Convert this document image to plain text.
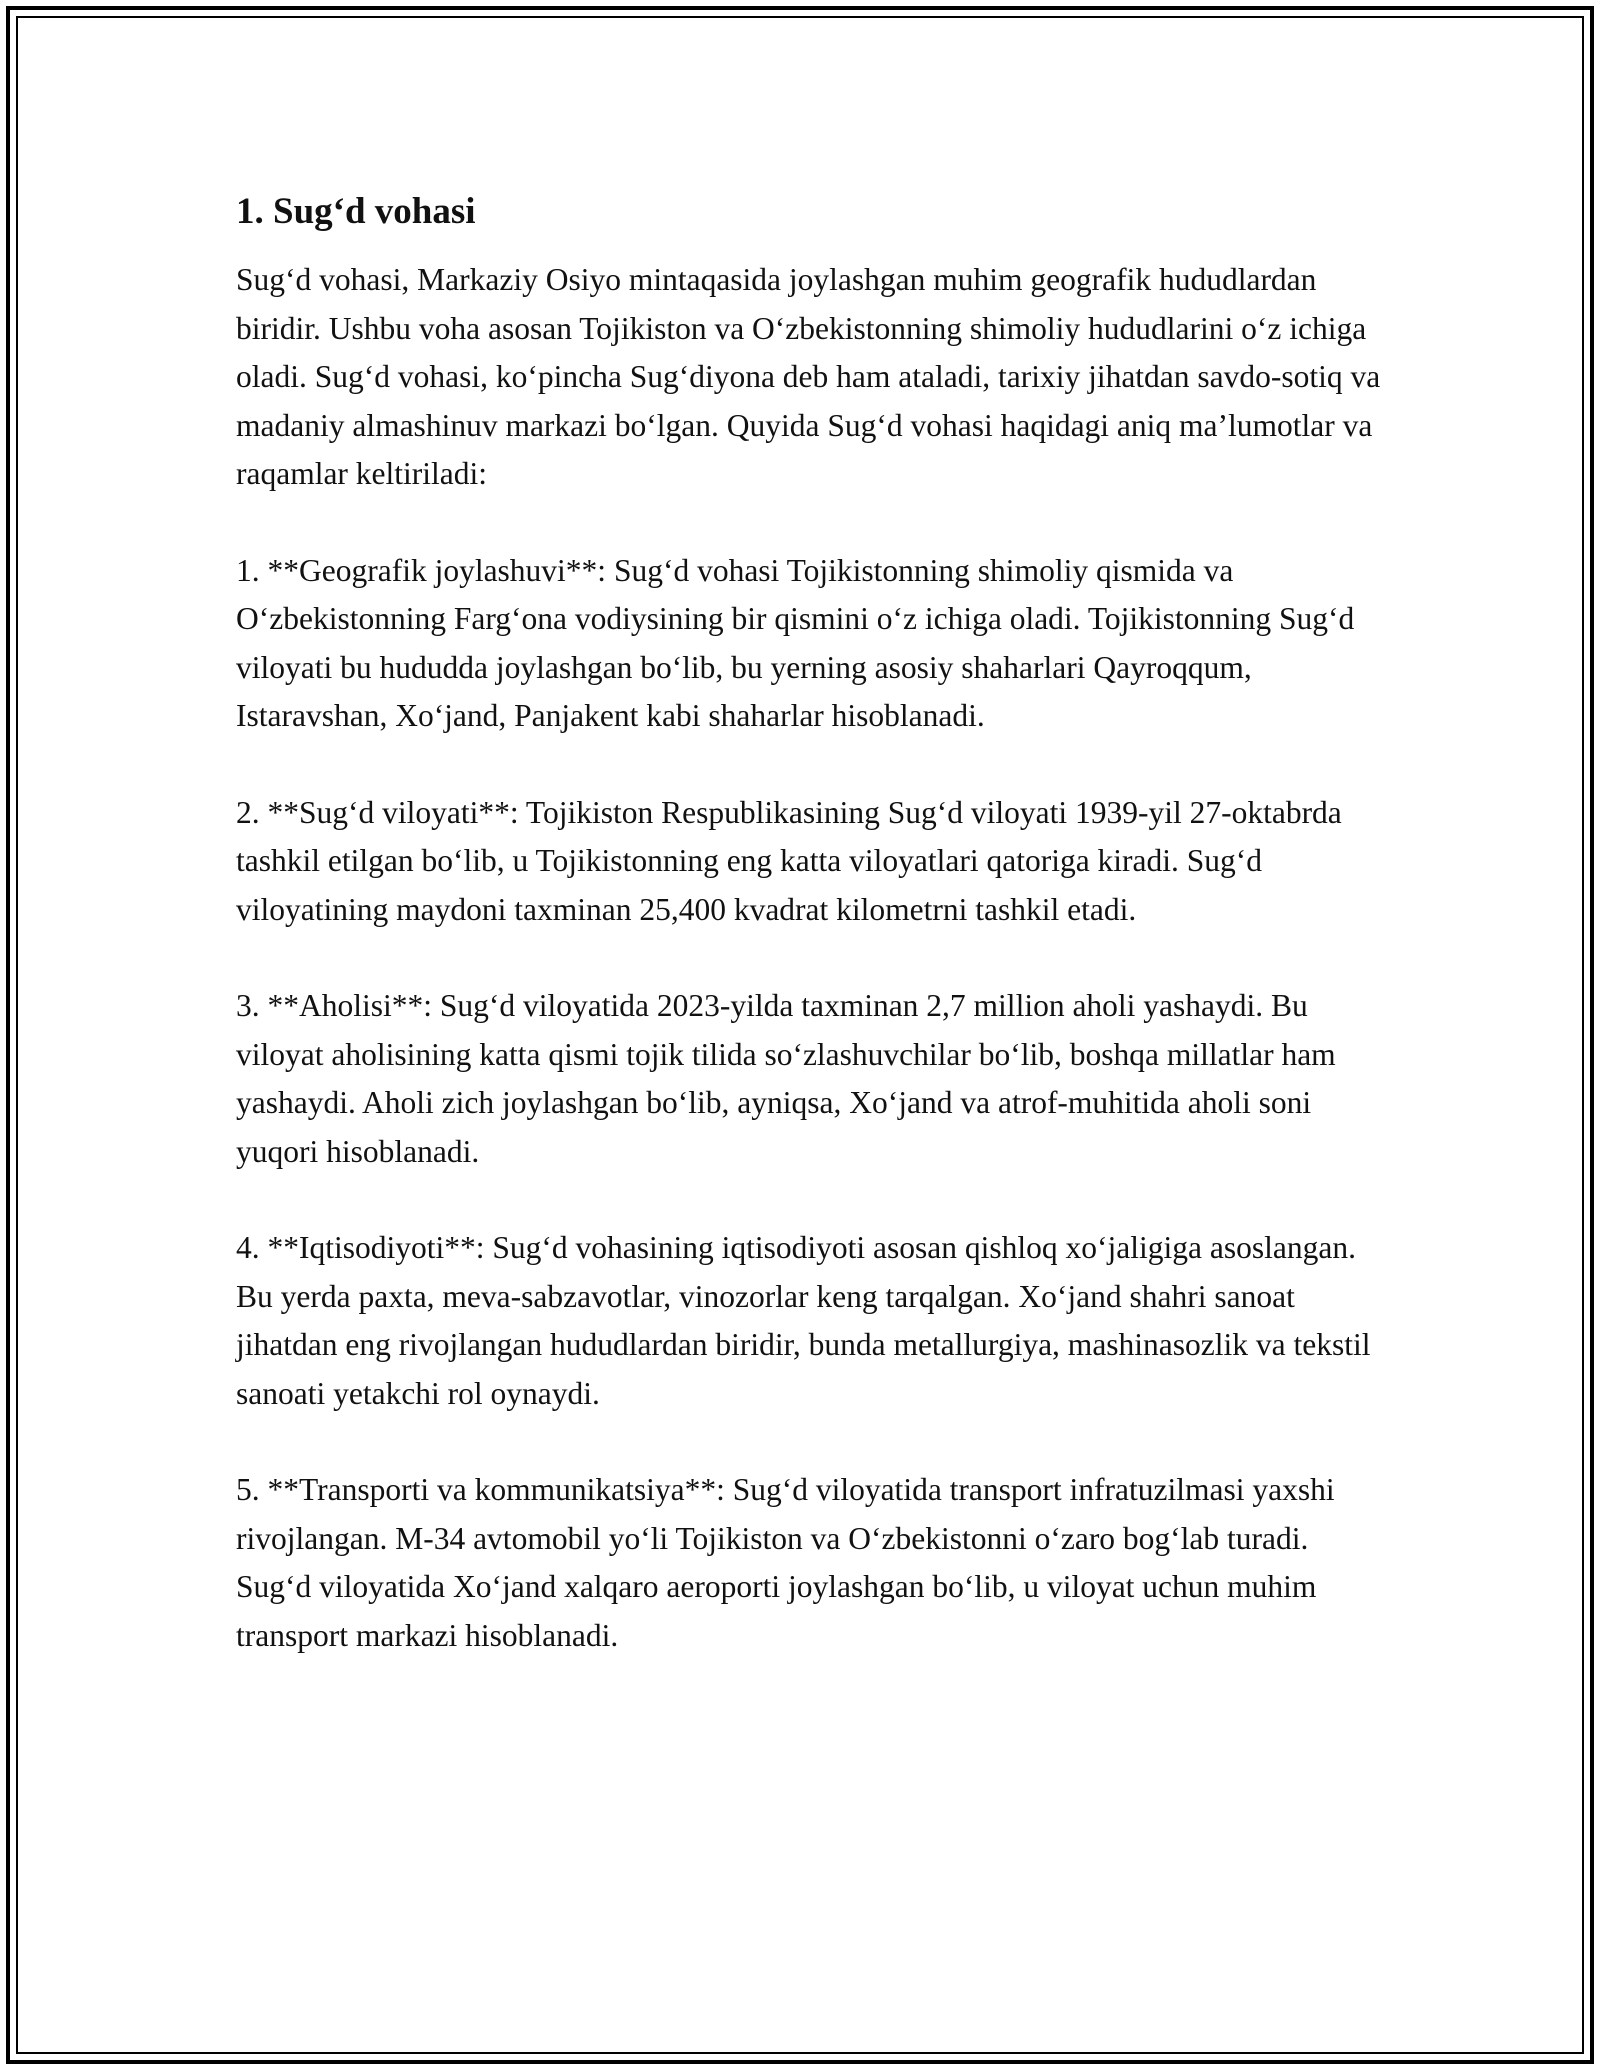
1. Sug‘d vohasi

Sug‘d vohasi, Markaziy Osiyo mintaqasida joylashgan muhim geografik hududlardan biridir. Ushbu voha asosan Tojikiston va O‘zbekistonning shimoliy hududlarini o‘z ichiga oladi. Sug‘d vohasi, ko‘pincha Sug‘diyona deb ham ataladi, tarixiy jihatdan savdo-sotiq va madaniy almashinuv markazi bo‘lgan. Quyida Sug‘d vohasi haqidagi aniq ma’lumotlar va raqamlar keltiriladi:

1. **Geografik joylashuvi**: Sug‘d vohasi Tojikistonning shimoliy qismida va O‘zbekistonning Farg‘ona vodiysining bir qismini o‘z ichiga oladi. Tojikistonning Sug‘d viloyati bu hududda joylashgan bo‘lib, bu yerning asosiy shaharlari Qayroqqum, Istaravshan, Xo‘jand, Panjakent kabi shaharlar hisoblanadi.

2. **Sug‘d viloyati**: Tojikiston Respublikasining Sug‘d viloyati 1939-yil 27-oktabrda tashkil etilgan bo‘lib, u Tojikistonning eng katta viloyatlari qatoriga kiradi. Sug‘d viloyatining maydoni taxminan 25,400 kvadrat kilometrni tashkil etadi.

3. **Aholisi**: Sug‘d viloyatida 2023-yilda taxminan 2,7 million aholi yashaydi. Bu viloyat aholisining katta qismi tojik tilida so‘zlashuvchilar bo‘lib, boshqa millatlar ham yashaydi. Aholi zich joylashgan bo‘lib, ayniqsa, Xo‘jand va atrof-muhitida aholi soni yuqori hisoblanadi.

4. **Iqtisodiyoti**: Sug‘d vohasining iqtisodiyoti asosan qishloq xo‘jaligiga asoslangan. Bu yerda paxta, meva-sabzavotlar, vinozorlar keng tarqalgan. Xo‘jand shahri sanoat jihatdan eng rivojlangan hududlardan biridir, bunda metallurgiya, mashinasozlik va tekstil sanoati yetakchi rol oynaydi.

5. **Transporti va kommunikatsiya**: Sug‘d viloyatida transport infratuzilmasi yaxshi rivojlangan. M-34 avtomobil yo‘li Tojikiston va O‘zbekistonni o‘zaro bog‘lab turadi. Sug‘d viloyatida Xo‘jand xalqaro aeroporti joylashgan bo‘lib, u viloyat uchun muhim transport markazi hisoblanadi.
